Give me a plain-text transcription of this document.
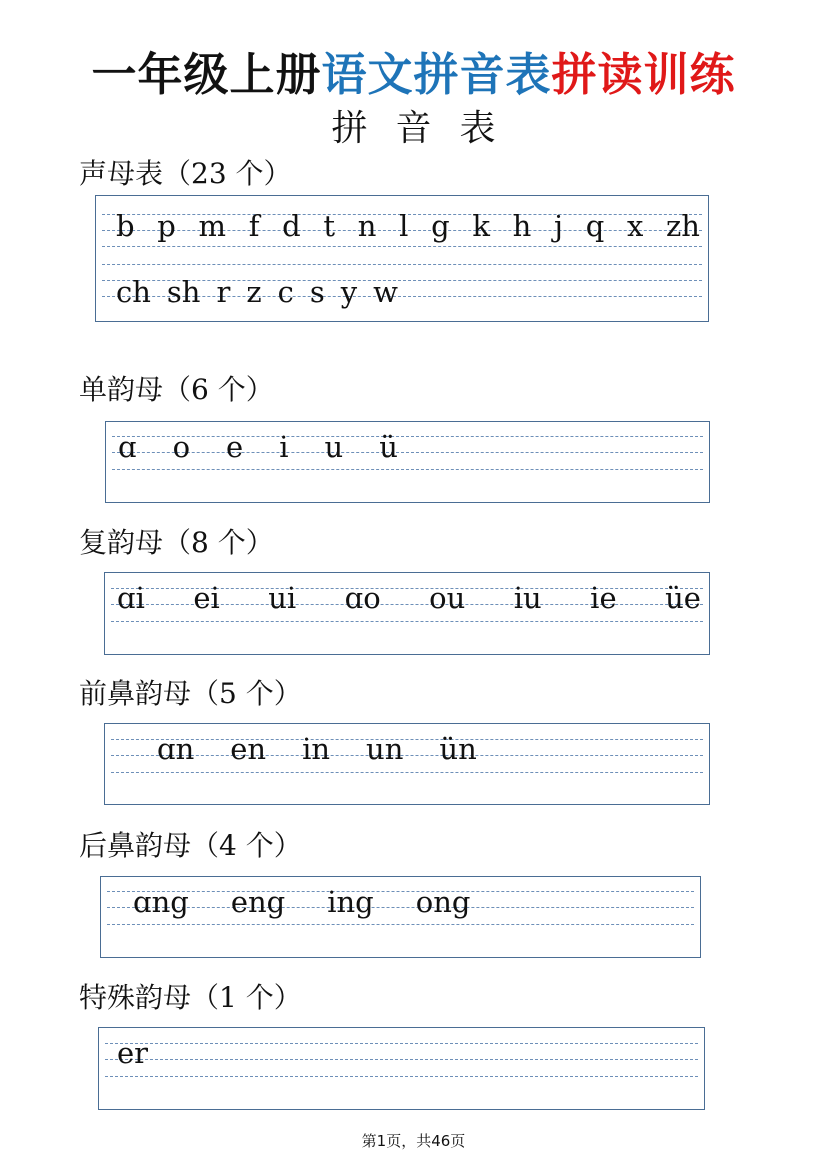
一年级上册语文拼音表拼读训练
拼音表
声母表（23 个）
b p m f d t n l g k h j q x zh
ch sh r z c s y w
单韵母（6 个）
ɑ o e i u ü
复韵母（8 个）
ɑi ei ui ɑo ou iu ie üe
前鼻韵母（5 个）
ɑn en in un ün
后鼻韵母（4 个）
ɑng eng ing ong
特殊韵母（1 个）
er
第1页，共46页
